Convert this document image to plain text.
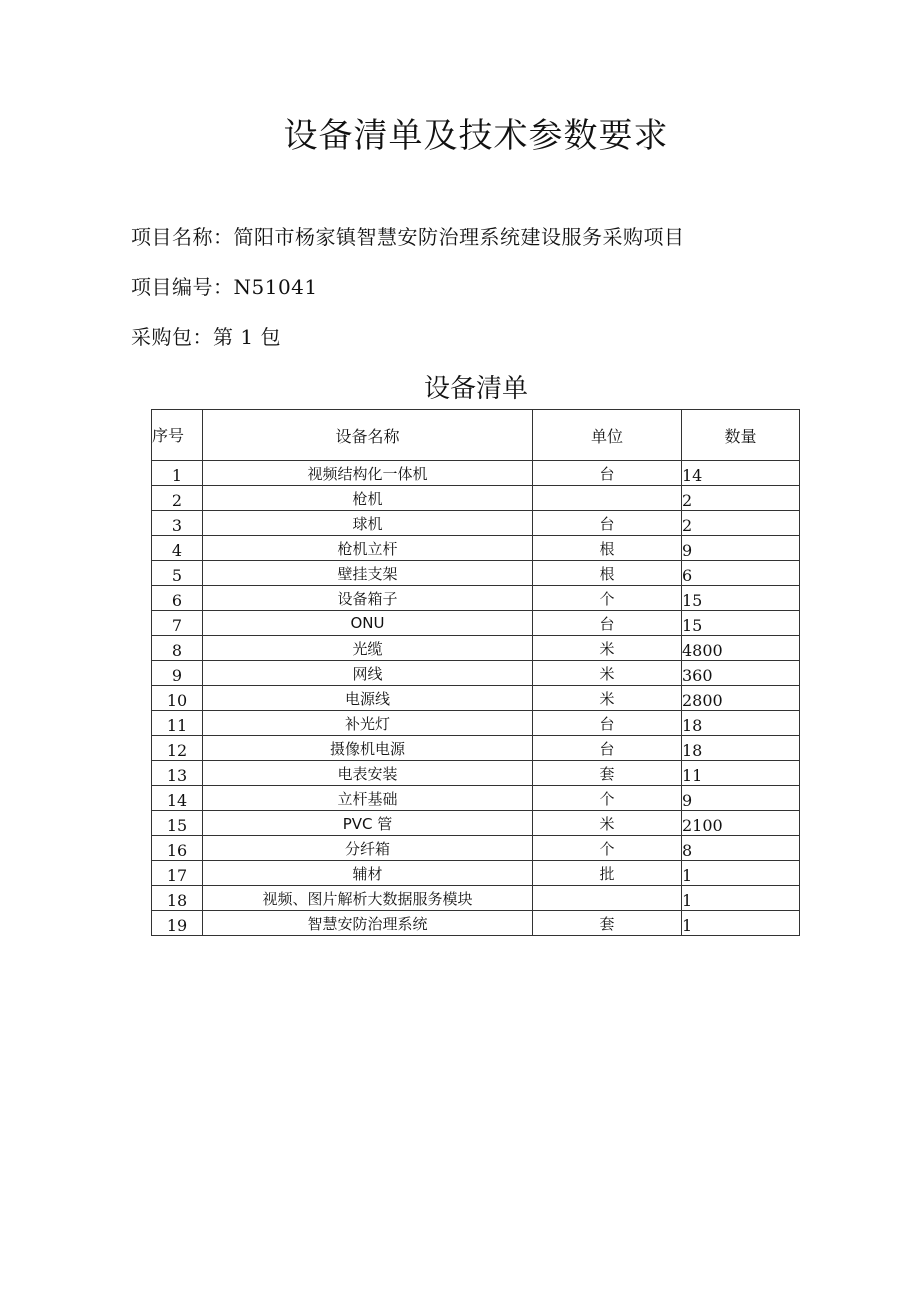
设备清单及技术参数要求
项目名称：简阳市杨家镇智慧安防治理系统建设服务采购项目
项目编号：N51041
采购包：第 1 包
设备清单
序号	设备名称	单位	数量
1	视频结构化一体机	台	14
2	枪机		2
3	球机	台	2
4	枪机立杆	根	9
5	壁挂支架	根	6
6	设备箱子	个	15
7	ONU	台	15
8	光缆	米	4800
9	网线	米	360
10	电源线	米	2800
11	补光灯	台	18
12	摄像机电源	台	18
13	电表安装	套	11
14	立杆基础	个	9
15	PVC 管	米	2100
16	分纤箱	个	8
17	辅材	批	1
18	视频、图片解析大数据服务模块		1
19	智慧安防治理系统	套	1
